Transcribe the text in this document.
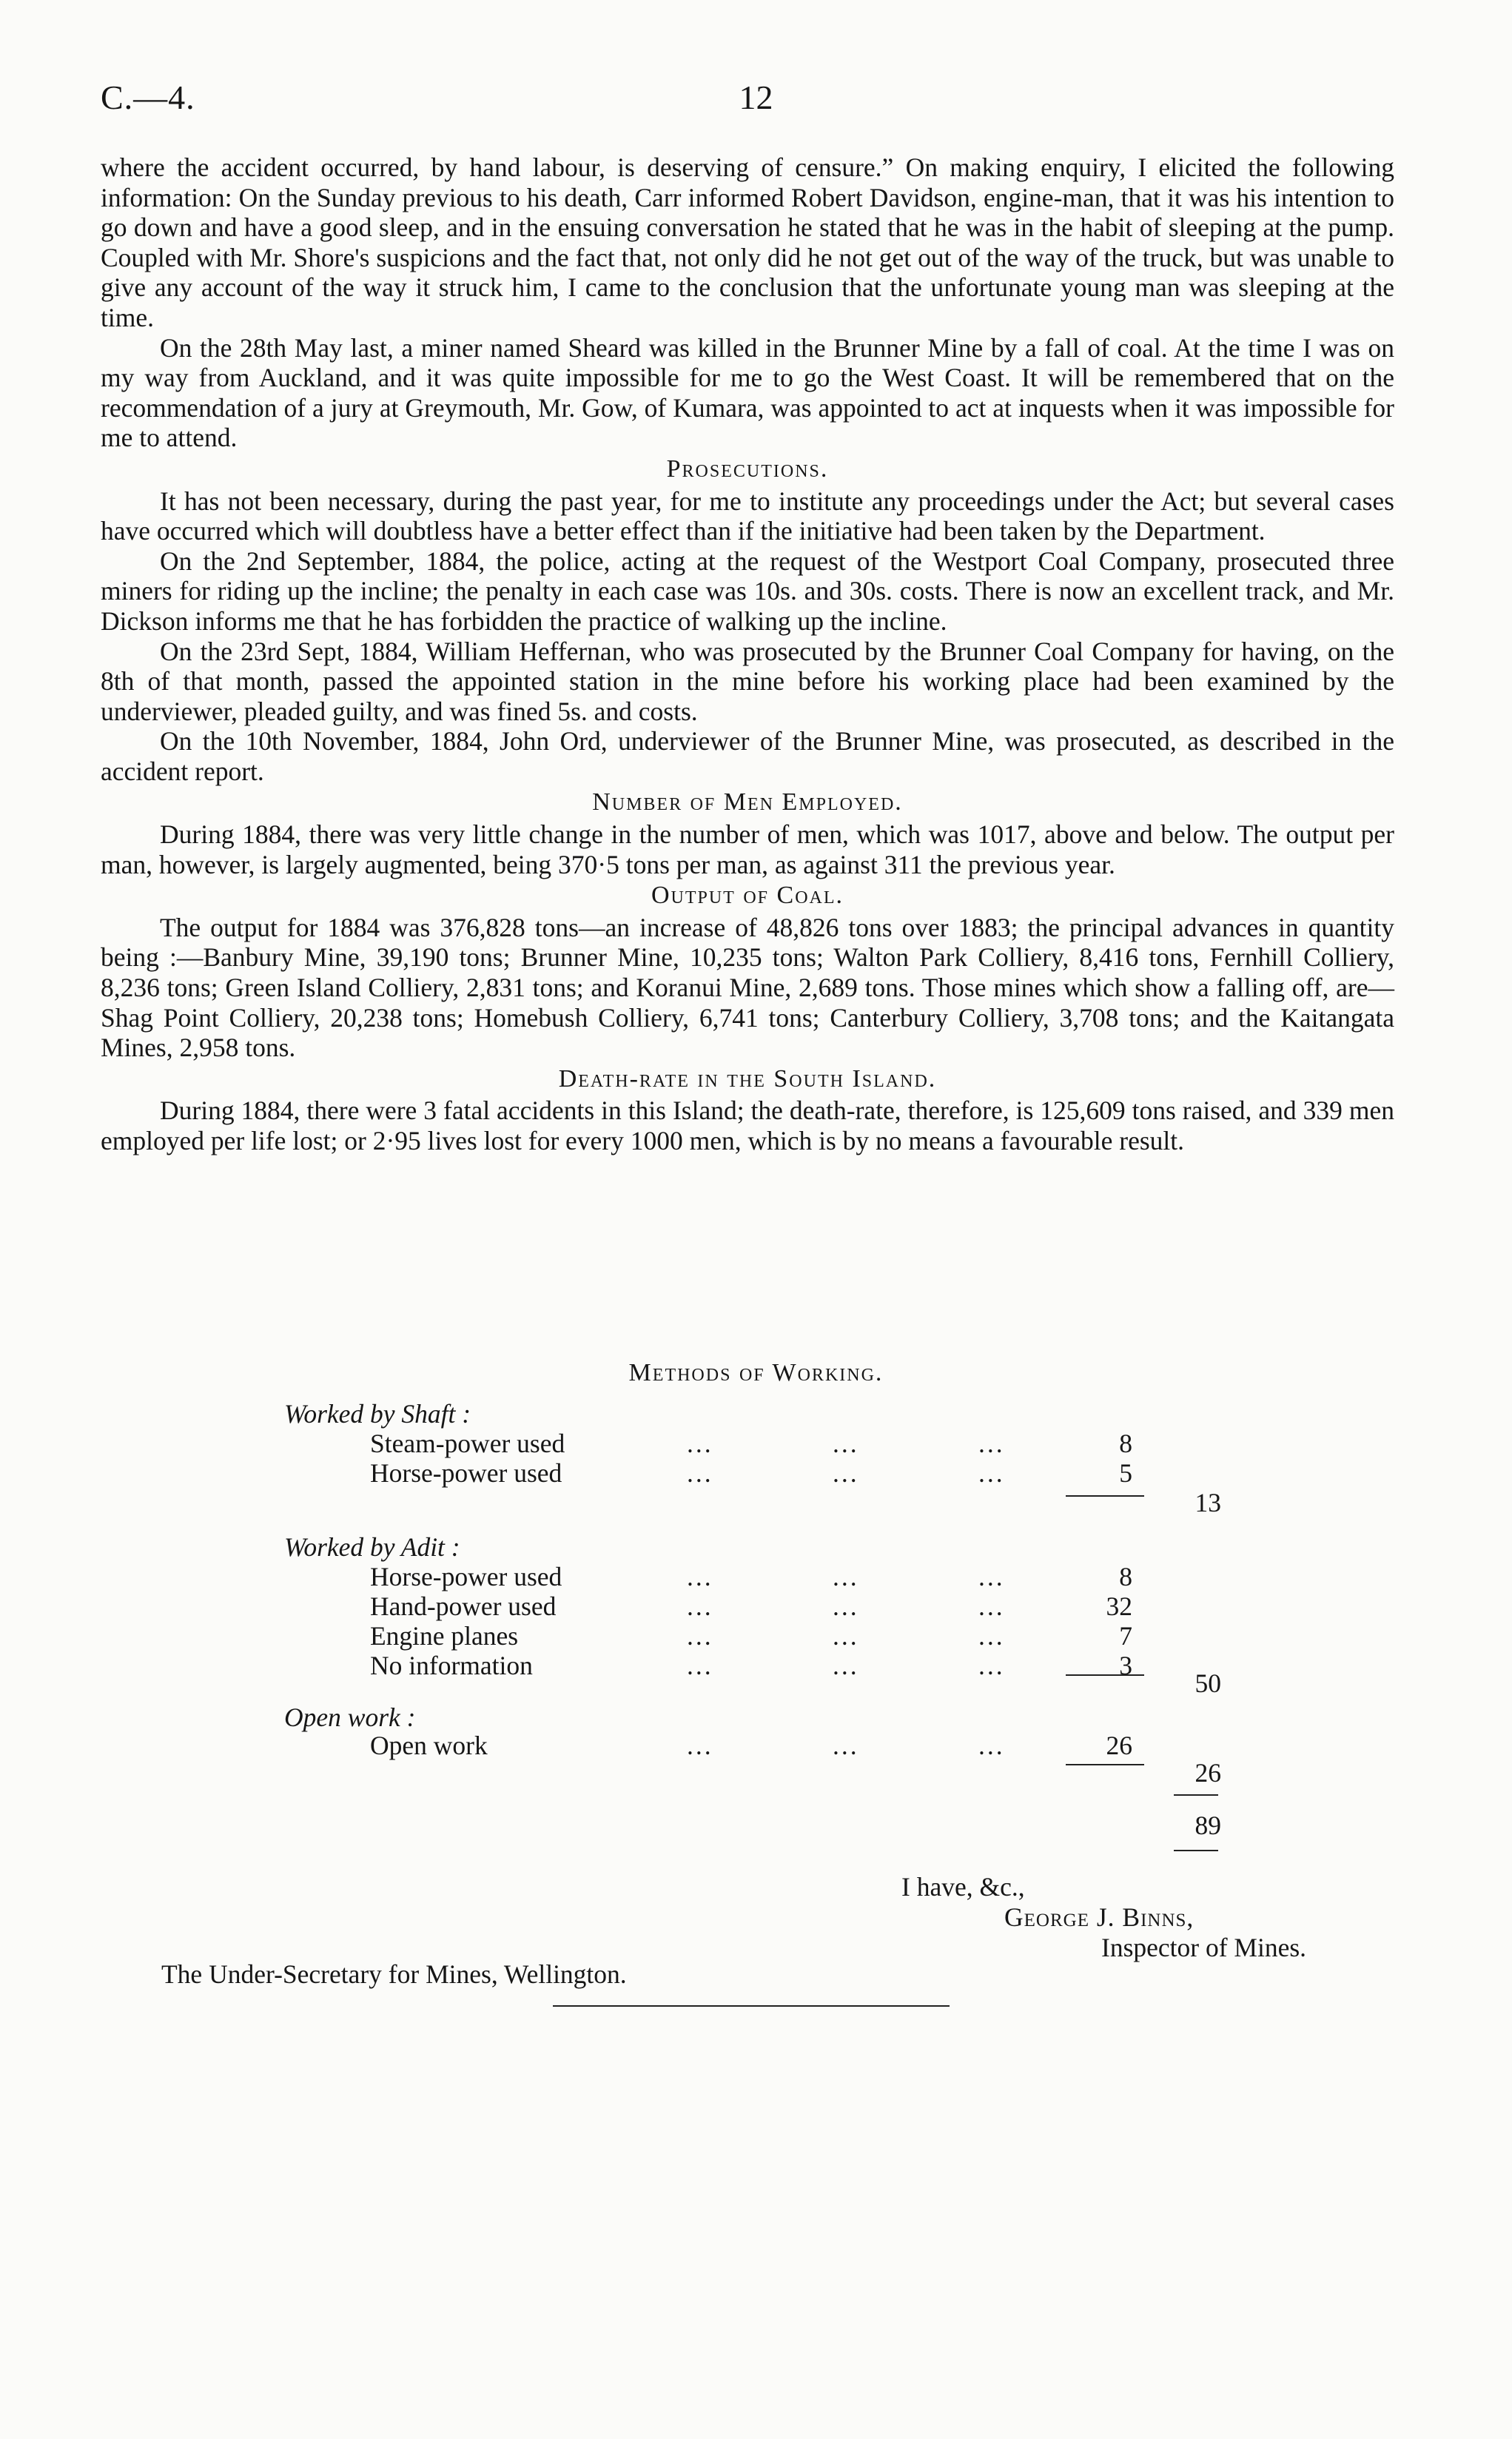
C.—4.	12

where the accident occurred, by hand labour, is deserving of censure.” On making enquiry, I elicited the following information: On the Sunday previous to his death, Carr informed Robert Davidson, engine-man, that it was his intention to go down and have a good sleep, and in the ensuing conversation he stated that he was in the habit of sleeping at the pump. Coupled with Mr. Shore's suspicions and the fact that, not only did he not get out of the way of the truck, but was unable to give any account of the way it struck him, I came to the conclusion that the unfortunate young man was sleeping at the time.

On the 28th May last, a miner named Sheard was killed in the Brunner Mine by a fall of coal. At the time I was on my way from Auckland, and it was quite impossible for me to go the West Coast. It will be remembered that on the recommendation of a jury at Greymouth, Mr. Gow, of Kumara, was appointed to act at inquests when it was impossible for me to attend.

Prosecutions.

It has not been necessary, during the past year, for me to institute any proceedings under the Act; but several cases have occurred which will doubtless have a better effect than if the initiative had been taken by the Department.

On the 2nd September, 1884, the police, acting at the request of the Westport Coal Company, prosecuted three miners for riding up the incline; the penalty in each case was 10s. and 30s. costs. There is now an excellent track, and Mr. Dickson informs me that he has forbidden the practice of walking up the incline.

On the 23rd Sept, 1884, William Heffernan, who was prosecuted by the Brunner Coal Company for having, on the 8th of that month, passed the appointed station in the mine before his working place had been examined by the underviewer, pleaded guilty, and was fined 5s. and costs.

On the 10th November, 1884, John Ord, underviewer of the Brunner Mine, was prosecuted, as described in the accident report.

Number of Men Employed.

During 1884, there was very little change in the number of men, which was 1017, above and below. The output per man, however, is largely augmented, being 370·5 tons per man, as against 311 the previous year.

Output of Coal.

The output for 1884 was 376,828 tons—an increase of 48,826 tons over 1883; the principal advances in quantity being :—Banbury Mine, 39,190 tons; Brunner Mine, 10,235 tons; Walton Park Colliery, 8,416 tons, Fernhill Colliery, 8,236 tons; Green Island Colliery, 2,831 tons; and Koranui Mine, 2,689 tons. Those mines which show a falling off, are—Shag Point Colliery, 20,238 tons; Homebush Colliery, 6,741 tons; Canterbury Colliery, 3,708 tons; and the Kaitangata Mines, 2,958 tons.

Death-rate in the South Island.

During 1884, there were 3 fatal accidents in this Island; the death-rate, therefore, is 125,609 tons raised, and 339 men employed per life lost; or 2·95 lives lost for every 1000 men, which is by no means a favourable result.

Methods of Working.
Worked by Shaft :
Steam-power used	...	...	...	8
Horse-power used	...	...	...	5
13
Worked by Adit :
Horse-power used	...	...	...	8
Hand-power used	...	...	...	32
Engine planes	...	...	...	7
No information	...	...	...	3
50
Open work :
Open work	...	...	...	26
26
89
I have, &c.,
George J. Binns,
Inspector of Mines.
The Under-Secretary for Mines, Wellington.
